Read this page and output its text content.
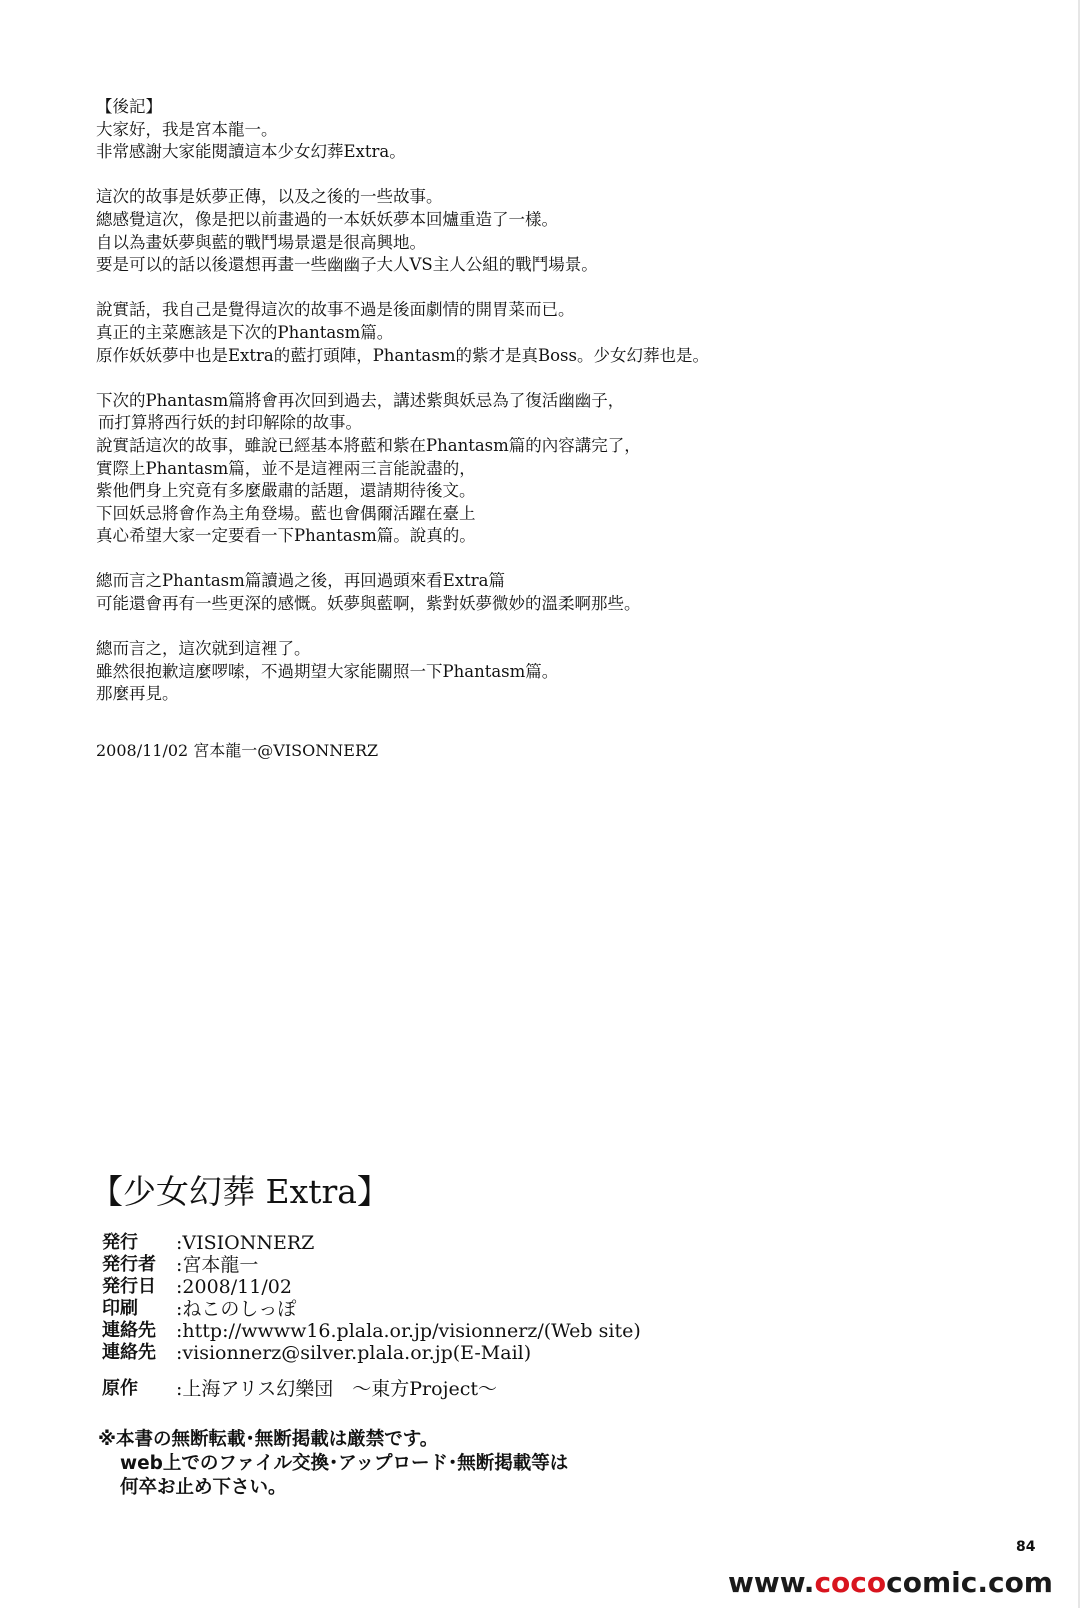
【後記】
大家好，我是宮本龍一。
非常感謝大家能閱讀這本少女幻葬Extra。
這次的故事是妖夢正傳，以及之後的一些故事。
總感覺這次，像是把以前畫過的一本妖妖夢本回爐重造了一樣。
自以為畫妖夢與藍的戰鬥場景還是很高興地。
要是可以的話以後還想再畫一些幽幽子大人VS主人公組的戰鬥場景。
說實話，我自己是覺得這次的故事不過是後面劇情的開胃菜而已。
真正的主菜應該是下次的Phantasm篇。
原作妖妖夢中也是Extra的藍打頭陣，Phantasm的紫才是真Boss。少女幻葬也是。
下次的Phantasm篇將會再次回到過去，講述紫與妖忌為了復活幽幽子，
而打算將西行妖的封印解除的故事。
說實話這次的故事，雖說已經基本將藍和紫在Phantasm篇的內容講完了，
實際上Phantasm篇，並不是這裡兩三言能說盡的，
紫他們身上究竟有多麼嚴肅的話題，還請期待後文。
下回妖忌將會作為主角登場。藍也會偶爾活躍在臺上
真心希望大家一定要看一下Phantasm篇。說真的。
總而言之Phantasm篇讀過之後，再回過頭來看Extra篇
可能還會再有一些更深的感慨。妖夢與藍啊，紫對妖夢微妙的溫柔啊那些。
總而言之，這次就到這裡了。
雖然很抱歉這麼啰嗦，不過期望大家能關照一下Phantasm篇。
那麼再見。
2008/11/02 宮本龍一@VISONNERZ
【少女幻葬 Extra】
発行	:VISIONNERZ
発行者	:宮本龍一
発行日	:2008/11/02
印刷	:ねこのしっぽ
連絡先	:http://wwww16.plala.or.jp/visionnerz/(Web site)
連絡先	:visionnerz@silver.plala.or.jp(E-Mail)
原作	:上海アリス幻樂団　～東方Project～
※本書の無断転載･無断掲載は厳禁です。
web上でのファイル交換･アップロード･無断掲載等は
何卒お止め下さい。
84
www.cococomic.com
